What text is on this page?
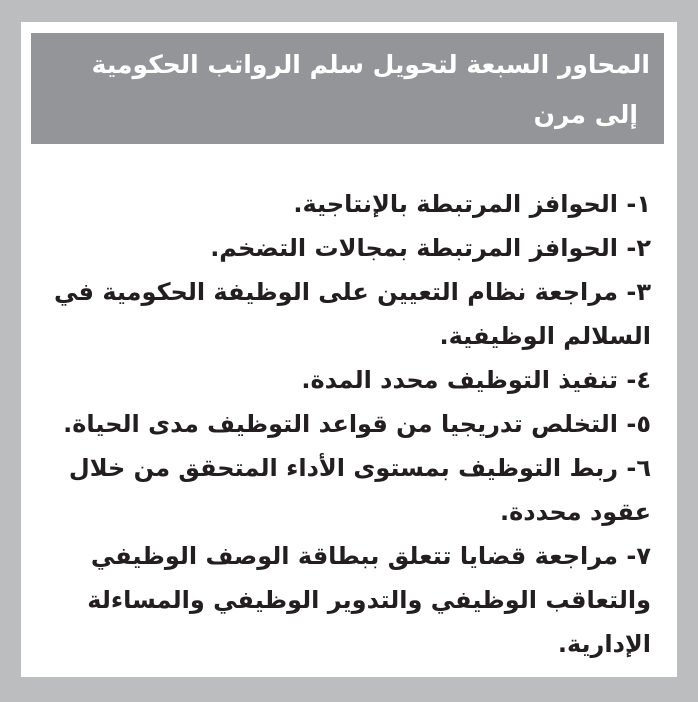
المحاور السبعة لتحويل سلم الرواتب الحكومية
إلى مرن

١- الحوافز المرتبطة بالإنتاجية.

٢- الحوافز المرتبطة بمجالات التضخم.

٣- مراجعة نظام التعيين على الوظيفة الحكومية في السلالم الوظيفية.

٤- تنفيذ التوظيف محدد المدة.

٥- التخلص تدريجيا من قواعد التوظيف مدى الحياة.

٦- ربط التوظيف بمستوى الأداء المتحقق من خلال عقود محددة.

٧- مراجعة قضايا تتعلق ببطاقة الوصف الوظيفي والتعاقب الوظيفي والتدوير الوظيفي والمساءلة الإدارية.
